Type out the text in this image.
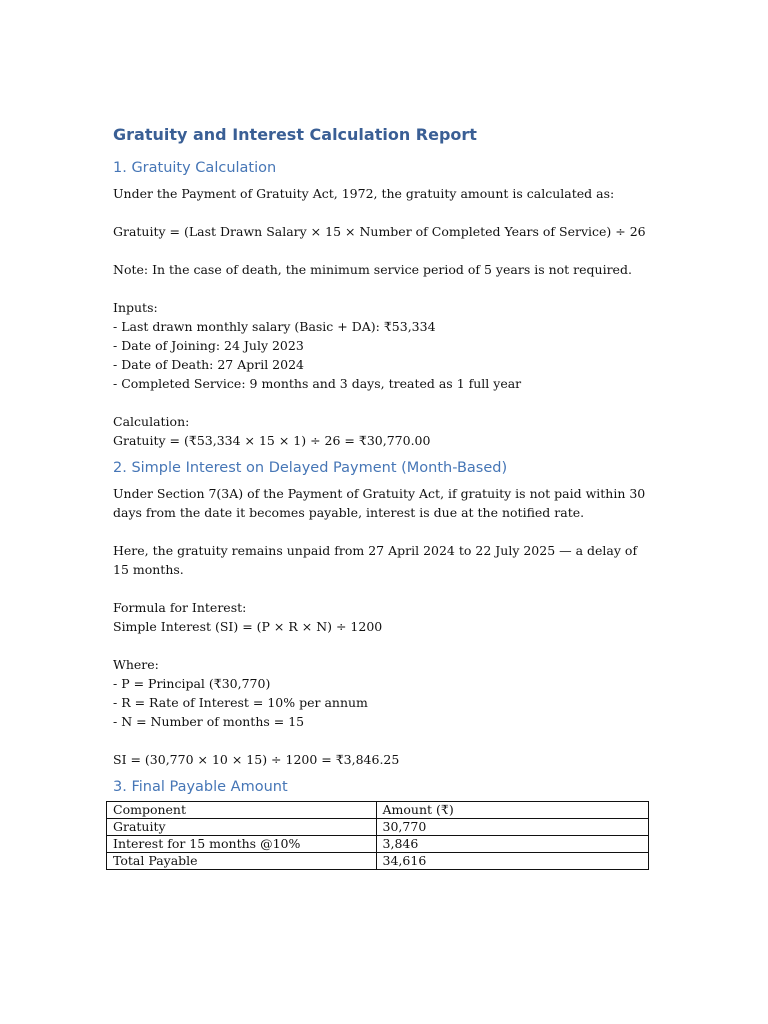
Gratuity and Interest Calculation Report
1. Gratuity Calculation

Under the Payment of Gratuity Act, 1972, the gratuity amount is calculated as:

Gratuity = (Last Drawn Salary × 15 × Number of Completed Years of Service) ÷ 26

Note: In the case of death, the minimum service period of 5 years is not required.

Inputs:
- Last drawn monthly salary (Basic + DA): ₹53,334
- Date of Joining: 24 July 2023
- Date of Death: 27 April 2024
- Completed Service: 9 months and 3 days, treated as 1 full year
Calculation:
Gratuity = (₹53,334 × 15 × 1) ÷ 26 = ₹30,770.00
2. Simple Interest on Delayed Payment (Month-Based)

Under Section 7(3A) of the Payment of Gratuity Act, if gratuity is not paid within 30 days from the date it becomes payable, interest is due at the notified rate.

Here, the gratuity remains unpaid from 27 April 2024 to 22 July 2025 — a delay of 15 months.

Formula for Interest:
Simple Interest (SI) = (P × R × N) ÷ 1200
Where:
- P = Principal (₹30,770)
- R = Rate of Interest = 10% per annum
- N = Number of months = 15
SI = (30,770 × 10 × 15) ÷ 1200 = ₹3,846.25
3. Final Payable Amount
Component	Amount (₹)
Gratuity	30,770
Interest for 15 months @10%	3,846
Total Payable	34,616
